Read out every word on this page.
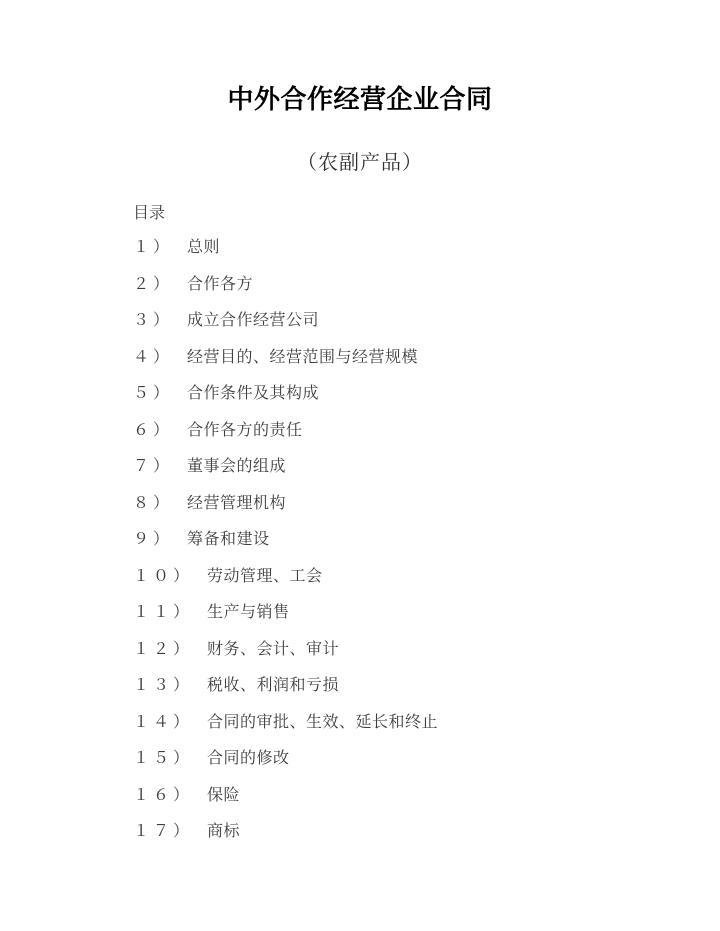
中外合作经营企业合同
（农副产品）
目录
１） 总则
２） 合作各方
３） 成立合作经营公司
４） 经营目的、经营范围与经营规模
５） 合作条件及其构成
６） 合作各方的责任
７） 董事会的组成
８） 经营管理机构
９） 筹备和建设
１０） 劳动管理、工会
１１） 生产与销售
１２） 财务、会计、审计
１３） 税收、利润和亏损
１４） 合同的审批、生效、延长和终止
１５） 合同的修改
１６） 保险
１７） 商标
